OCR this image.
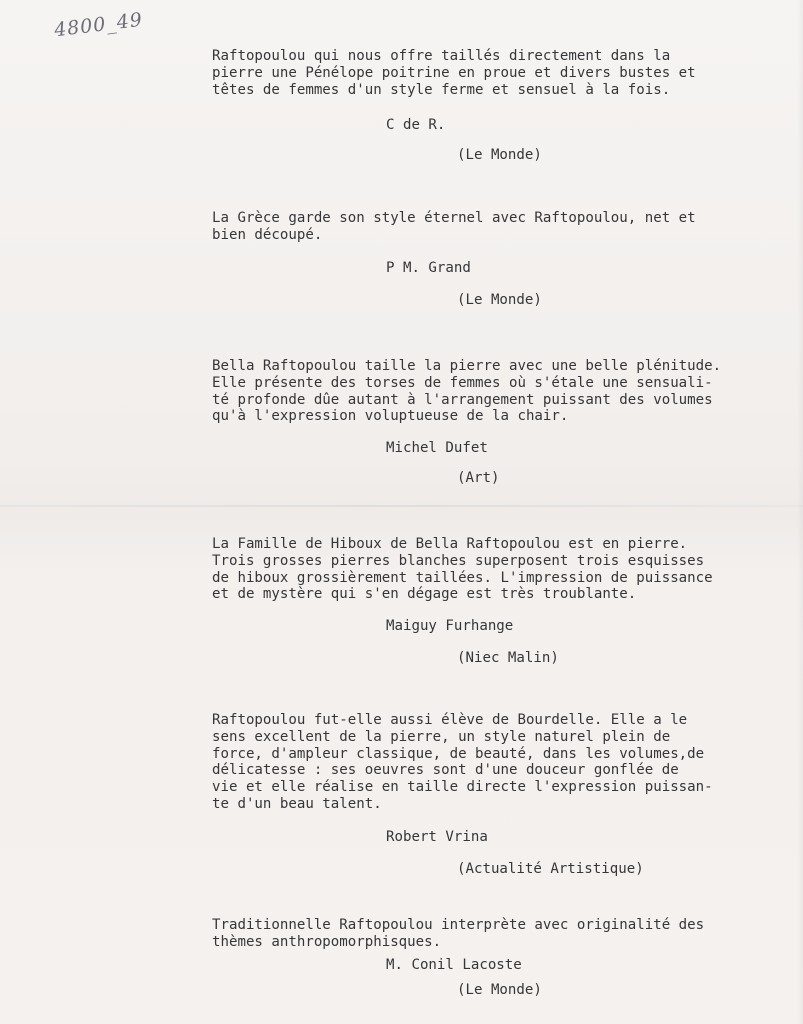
4800_49

Raftopoulou qui nous offre taillés directement dans la
pierre une Pénélope poitrine en proue et divers bustes et
têtes de femmes d'un style ferme et sensuel à la fois.

C de R.
(Le Monde)

La Grèce garde son style éternel avec Raftopoulou, net et
bien découpé.

P M. Grand
(Le Monde)

Bella Raftopoulou taille la pierre avec une belle plénitude.
Elle présente des torses de femmes où s'étale une sensuali-
té profonde dûe autant à l'arrangement puissant des volumes
qu'à l'expression voluptueuse de la chair.

Michel Dufet
(Art)

La Famille de Hiboux de Bella Raftopoulou est en pierre.
Trois grosses pierres blanches superposent trois esquisses
de hiboux grossièrement taillées. L'impression de puissance
et de mystère qui s'en dégage est très troublante.

Maiguy Furhange
(Niec Malin)

Raftopoulou fut-elle aussi élève de Bourdelle. Elle a le
sens excellent de la pierre, un style naturel plein de
force, d'ampleur classique, de beauté, dans les volumes,de
délicatesse : ses oeuvres sont d'une douceur gonflée de
vie et elle réalise en taille directe l'expression puissan-
te d'un beau talent.

Robert Vrina
(Actualité Artistique)

Traditionnelle Raftopoulou interprète avec originalité des
thèmes anthropomorphisques.

M. Conil Lacoste
(Le Monde)
